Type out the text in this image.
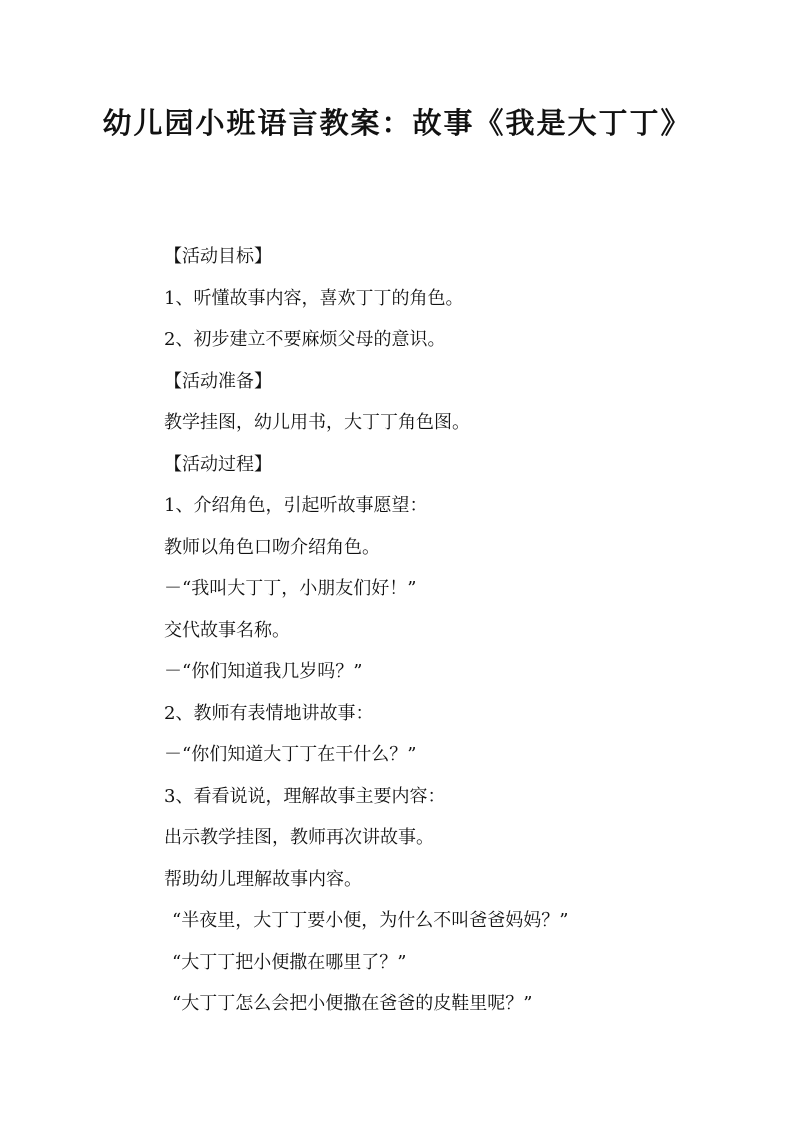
幼儿园小班语言教案：故事《我是大丁丁》
【活动目标】
1、听懂故事内容，喜欢丁丁的角色。
2、初步建立不要麻烦父母的意识。
【活动准备】
教学挂图，幼儿用书，大丁丁角色图。
【活动过程】
1、介绍角色，引起听故事愿望：
教师以角色口吻介绍角色。
－“我叫大丁丁，小朋友们好！”
交代故事名称。
－“你们知道我几岁吗？”
2、教师有表情地讲故事：
－“你们知道大丁丁在干什么？”
3、看看说说，理解故事主要内容：
出示教学挂图，教师再次讲故事。
帮助幼儿理解故事内容。
“半夜里，大丁丁要小便，为什么不叫爸爸妈妈？”
“大丁丁把小便撒在哪里了？”
“大丁丁怎么会把小便撒在爸爸的皮鞋里呢？”
